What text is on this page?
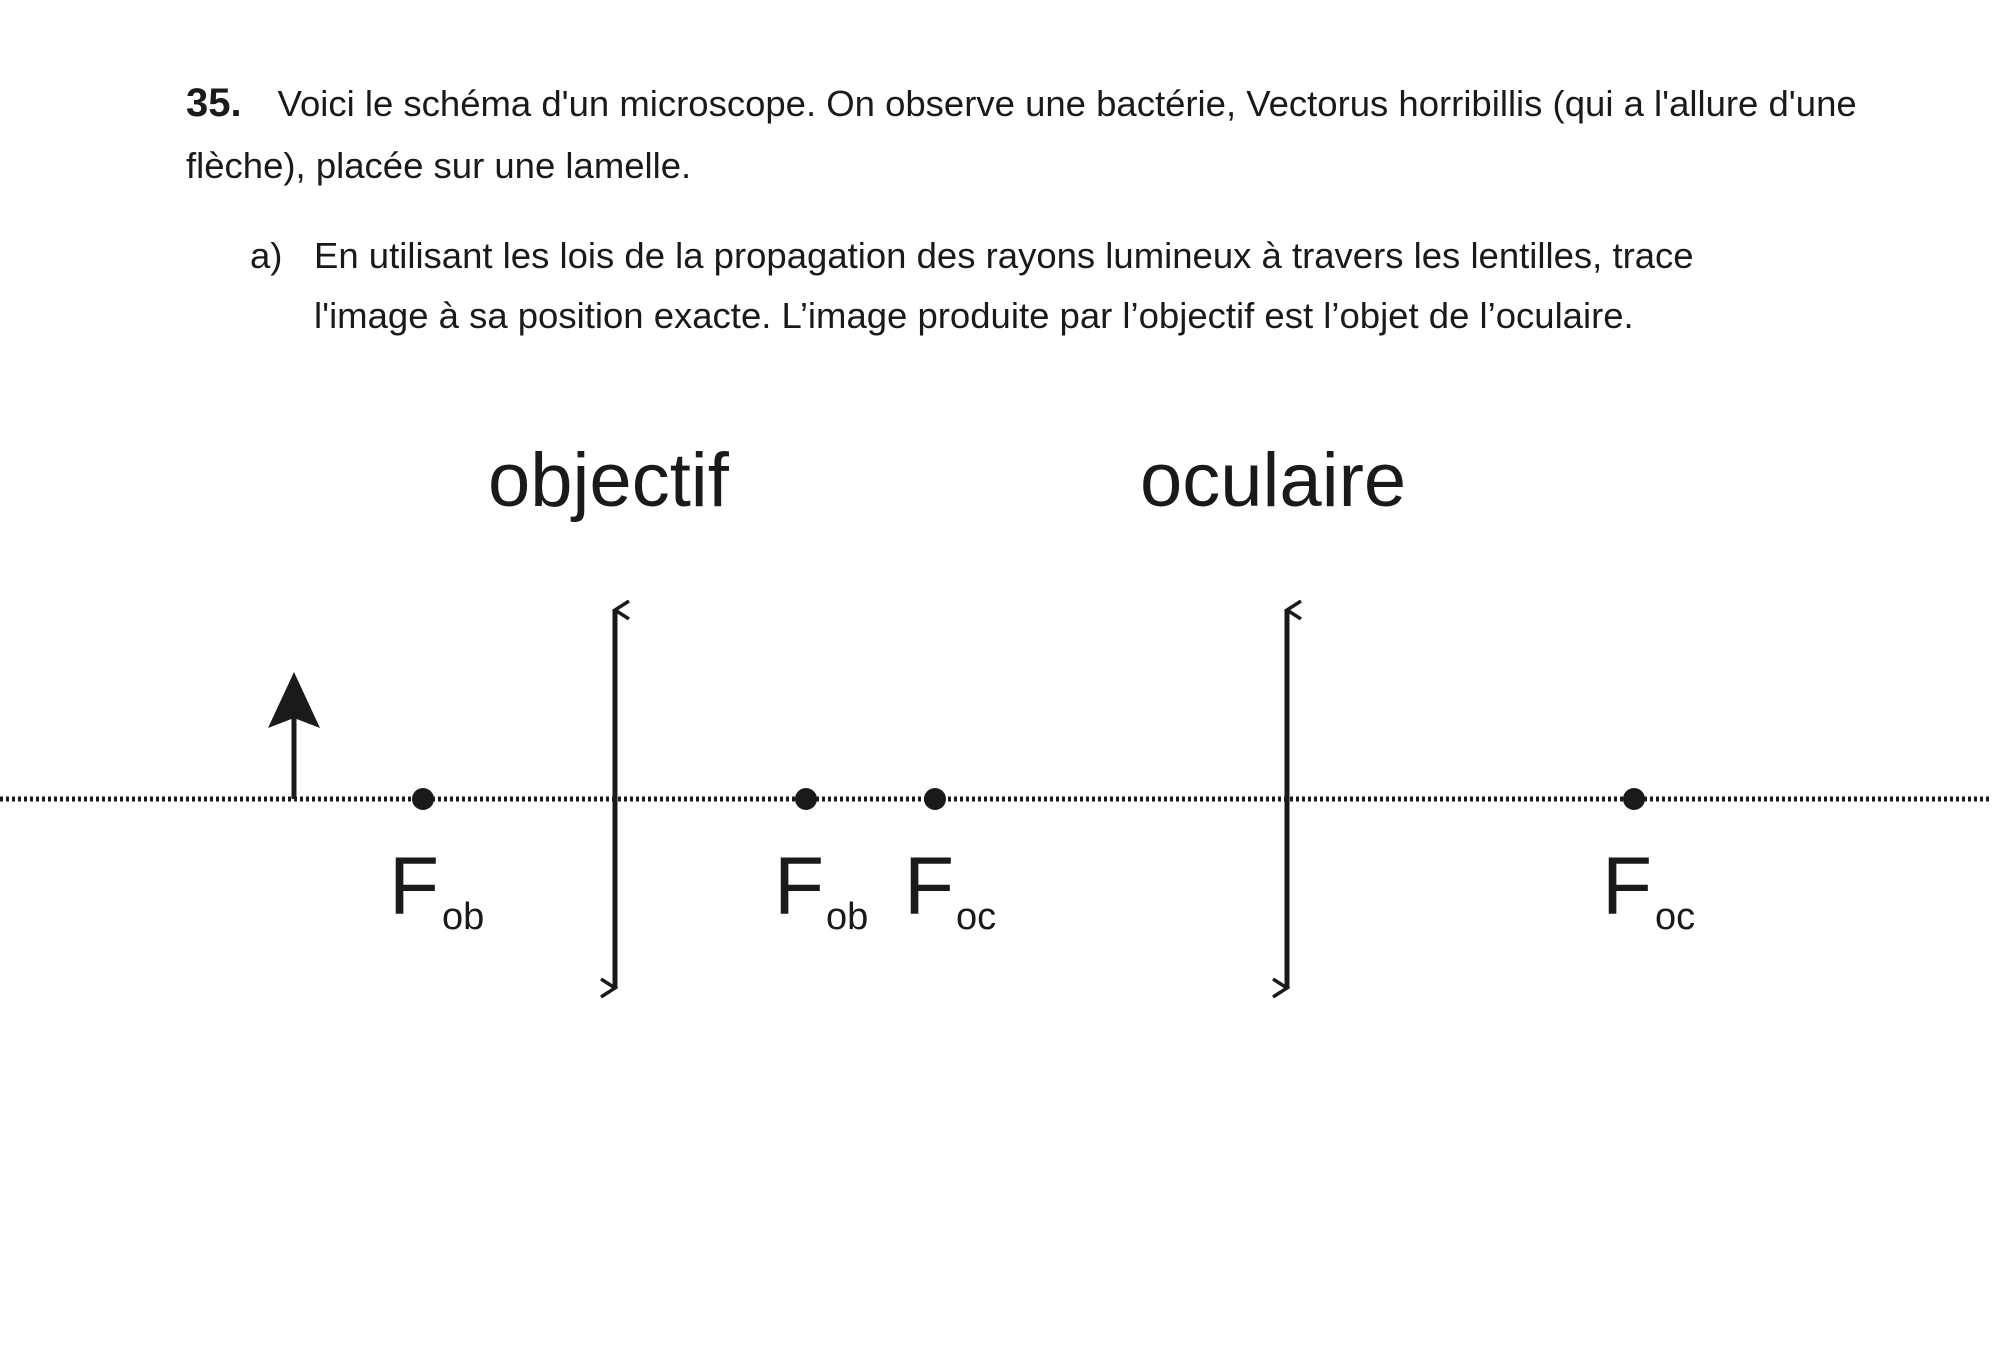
35. Voici le schéma d'un microscope. On observe une bactérie, Vectorus horribillis (qui a l'allure d'une flèche), placée sur une lamelle.
a) En utilisant les lois de la propagation des rayons lumineux à travers les lentilles, trace l'image à sa position exacte. L’image produite par l’objectif est l’objet de l’oculaire.
objectif	oculaire
F ob	F ob F oc	F oc
